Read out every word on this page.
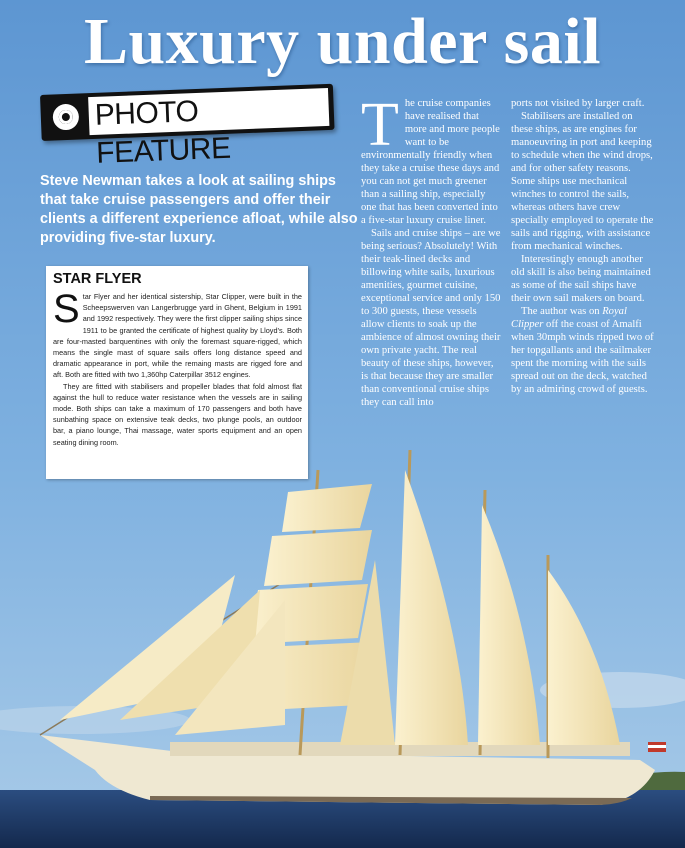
Luxury under sail
PHOTO FEATURE

Steve Newman takes a look at sailing ships that take cruise passengers and offer their clients a different experience afloat, while also providing five-star luxury.

STAR FLYER

Star Flyer and her identical sistership, Star Clipper, were built in the Scheepswerven van Langerbrugge yard in Ghent, Belgium in 1991 and 1992 respectively. They were the first clipper sailing ships since 1911 to be granted the certificate of highest quality by Lloyd’s. Both are four-masted barquentines with only the foremast square-rigged, which means the single mast of square sails offers long distance speed and dramatic appearance in port, while the remaing masts are rigged fore and aft. Both are fitted with two 1,360hp Caterpillar 3512 engines.

They are fitted with stabilisers and propeller blades that fold almost flat against the hull to reduce water resistance when the vessels are in sailing mode. Both ships can take a maximum of 170 passengers and both have sunbathing space on extensive teak decks, two plunge pools, an outdoor bar, a piano lounge, Thai massage, water sports equipment and an open seating dining room.

The cruise companies have realised that more and more people want to be environmentally friendly when they take a cruise these days and you can not get much greener than a sailing ship, especially one that has been converted into a five-star luxury cruise liner.

Sails and cruise ships – are we being serious? Absolutely! With their teak-lined decks and billowing white sails, luxurious amenities, gourmet cuisine, exceptional service and only 150 to 300 guests, these vessels allow clients to soak up the ambience of almost owning their own private yacht. The real beauty of these ships, however, is that because they are smaller than conventional cruise ships they can call into

ports not visited by larger craft.

Stabilisers are installed on these ships, as are engines for manoeuvring in port and keeping to schedule when the wind drops, and for other safety reasons. Some ships use mechanical winches to control the sails, whereas others have crew specially employed to operate the sails and rigging, with assistance from mechanical winches.

Interestingly enough another old skill is also being maintained as some of the sail ships have their own sail makers on board.

The author was on Royal Clipper off the coast of Amalfi when 30mph winds ripped two of her topgallants and the sailmaker spent the morning with the sails spread out on the deck, watched by an admiring crowd of guests.
